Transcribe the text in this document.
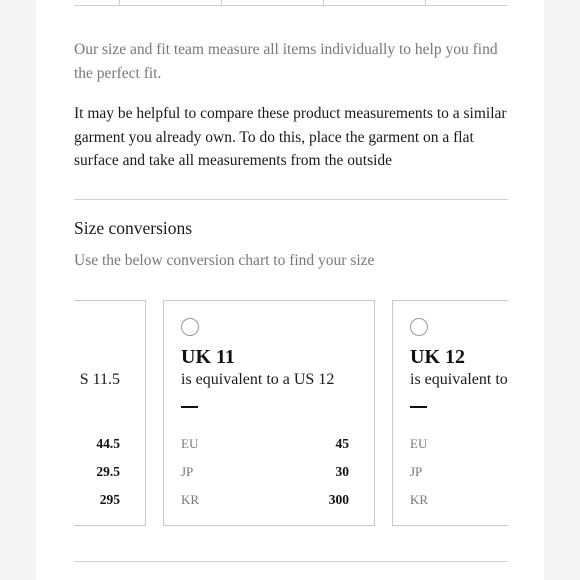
Our size and fit team measure all items individually to help you find the perfect fit.

It may be helpful to compare these product measurements to a similar garment you already own. To do this, place the garment on a flat surface and take all measurements from the outside

Size conversions

Use the below conversion chart to find your size

S 11.5
44.5
29.5
295
UK 11
is equivalent to a US 12
EU	45
JP	30
KR	300
UK 12
is equivalent to
EU
JP
KR
